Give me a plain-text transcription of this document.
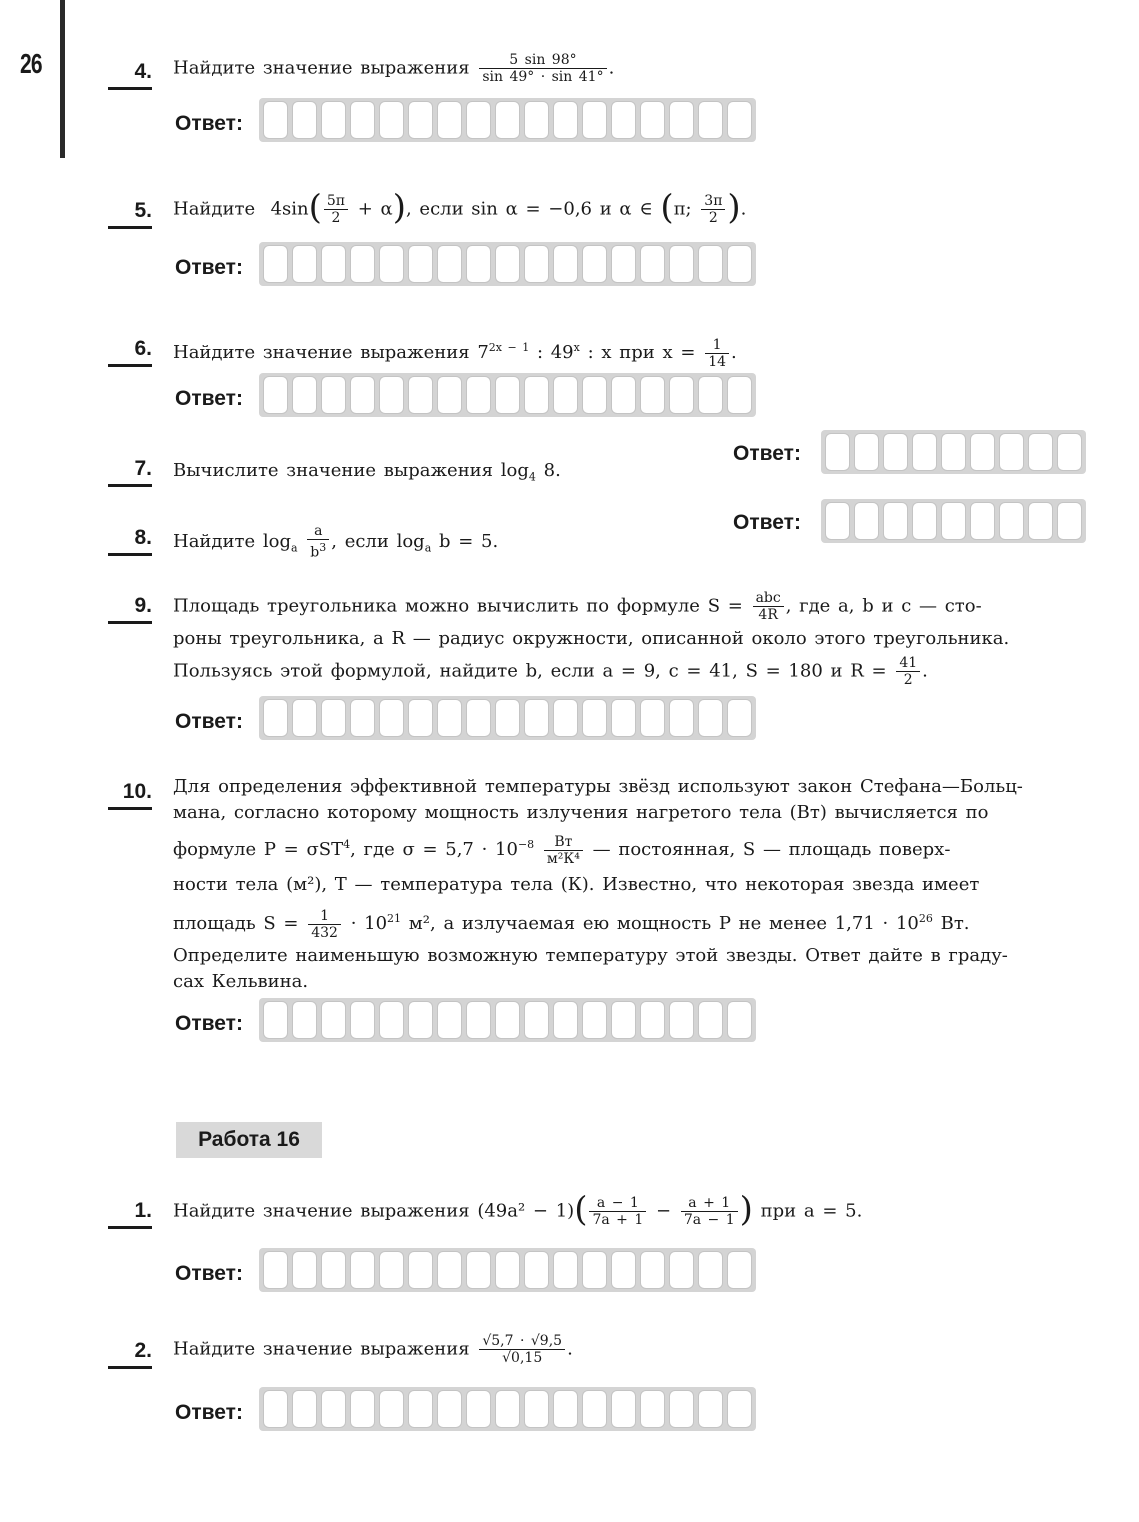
26	4. Найдите значение выражения $\frac{5 \sin 98^\circ}{\sin 49^\circ \cdot \sin 41^\circ}$ .
Ответ:
5. Найдите $4\sin( \frac{5\pi}{2} + \alpha)$, если sin α = −0,6 и α ∈ (π; $\frac{3\pi}{2}$ ).
Ответ:
6. Найдите значение выражения $7^{2x - 1}$ : 49$^x$ : x при $x = \frac{1}{14}$ .
Ответ:
7. Вычислите значение выражения $\log_4 8$.
Ответ:
8. Найдите $\log_a \frac{a}{b^3}$ , если $\log_a b = 5$.
Ответ:
9. Площадь треугольника можно вычислить по формуле $S = \frac{\text{abc}}{4R}$ , где a, b и c — сто-
роны треугольника, а R — радиус окружности, описанной около этого треугольника.
Пользуясь этой формулой, найдите b, если a = 9, c = 41, S = 180 и $R = \frac{41}{2}$ .
Ответ:
10. Для определения эффективной температуры звёзд используют закон Стефана—Больц-
мана, согласно которому мощность излучения нагретого тела (Вт) вычисляется по
формуле P = σST$^4$, где $\sigma = 5,7 \cdot 10^{-8} \frac{Вт}{\text{м²К⁴}}$ — постоянная, S — площадь поверх-
ности тела (м²), T — температура тела (К). Известно, что некоторая звезда имеет
площадь $S = \frac{1}{432} \cdot 10^{21}$ м², а излучаемая ею мощность P не менее $1,71 \cdot 10^{26}$ Вт.
Определите наименьшую возможную температуру этой звезды. Ответ дайте в граду-
сах Кельвина.
Ответ:
Работа 16
1. Найдите значение выражения $(49a^2 - 1)( \frac{a - 1}{7a + 1} - \frac{a + 1}{7a - 1}$ ) при a = 5.
Ответ:
2. Найдите значение выражения $\frac{√5,7 \cdot √9,5}{√0,15}$ .
Ответ:
